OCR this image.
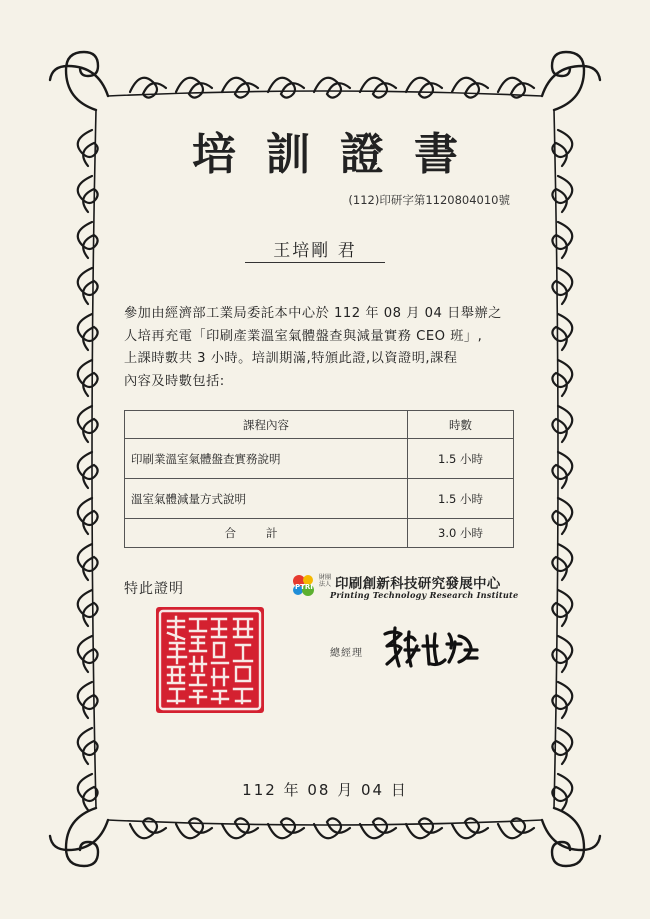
培訓證書
(112)印研字第1120804010號
王培剛 君

參加由經濟部工業局委託本中心於 112 年 08 月 04 日舉辦之

人培再充電「印刷產業溫室氣體盤查與減量實務 CEO 班」,

上課時數共 3 小時。培訓期滿,特頒此證,以資證明,課程

內容及時數包括:

課程內容	時數
印刷業溫室氣體盤查實務說明	1.5 小時
溫室氣體減量方式說明	1.5 小時
合計	3.0 小時
特此證明	PTRI
財團法人 印刷創新科技研究發展中心
Printing Technology Research Institute
總經理
112 年 08 月 04 日
